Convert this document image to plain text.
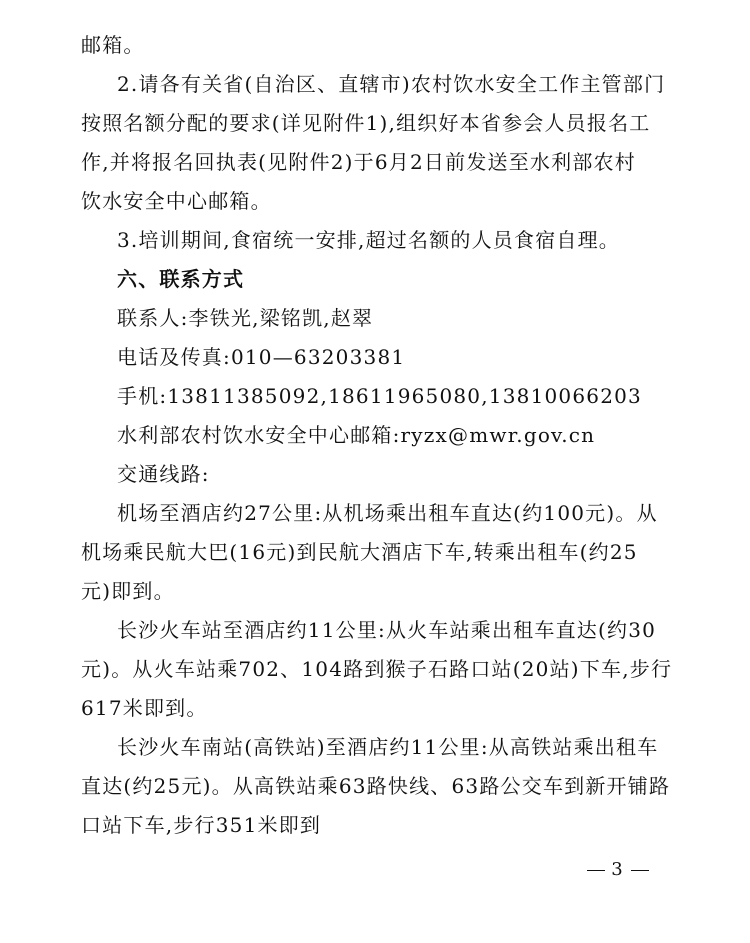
邮箱。
2.请各有关省(自治区、直辖市)农村饮水安全工作主管部门
按照名额分配的要求(详见附件1),组织好本省参会人员报名工
作,并将报名回执表(见附件2)于6月2日前发送至水利部农村
饮水安全中心邮箱。
3.培训期间,食宿统一安排,超过名额的人员食宿自理。
六、联系方式
联系人:李铁光,梁铭凯,赵翠
电话及传真:010—63203381
手机:13811385092,18611965080,13810066203
水利部农村饮水安全中心邮箱:ryzx@mwr.gov.cn
交通线路:
机场至酒店约27公里:从机场乘出租车直达(约100元)。从
机场乘民航大巴(16元)到民航大酒店下车,转乘出租车(约25
元)即到。
长沙火车站至酒店约11公里:从火车站乘出租车直达(约30
元)。从火车站乘702、104路到猴子石路口站(20站)下车,步行
617米即到。
长沙火车南站(高铁站)至酒店约11公里:从高铁站乘出租车
直达(约25元)。从高铁站乘63路快线、63路公交车到新开铺路
口站下车,步行351米即到
3
